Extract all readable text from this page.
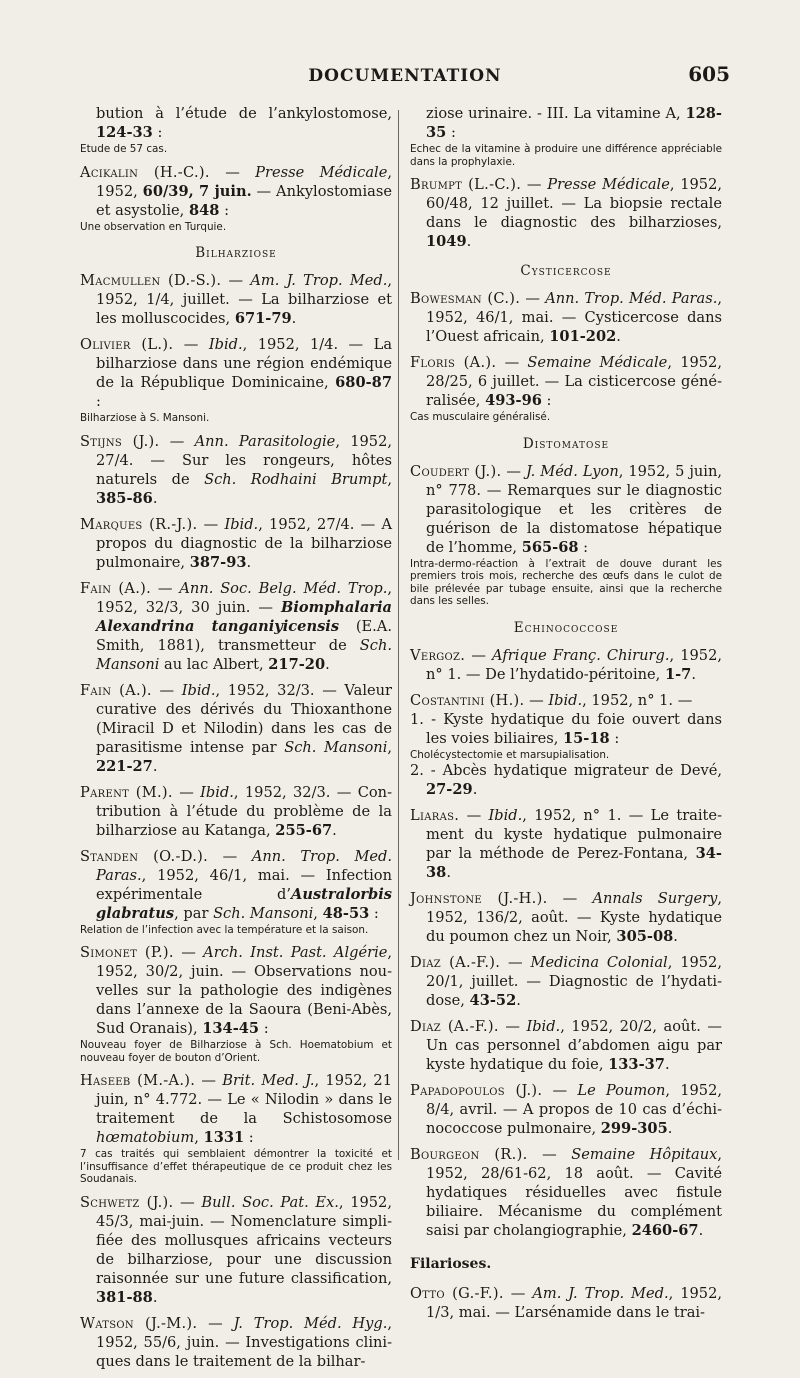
DOCUMENTATION	605
bution à l’étude de l’ankylostomose, 124-33 :
Etude de 57 cas.
Acikalin (H.-C.). — Presse Médicale, 1952, 60/39, 7 juin. — Ankylostomiase et asystolie, 848 :
Une observation en Turquie.
Bilharziose
Macmullen (D.-S.). — Am. J. Trop. Med., 1952, 1/4, juillet. — La bilharziose et les molluscocides, 671-79.
Olivier (L.). — Ibid., 1952, 1/4. — La bilharziose dans une région endémique de la République Dominicaine, 680-87 :
Bilharziose à S. Mansoni.
Stijns (J.). — Ann. Parasitologie, 1952, 27/4. — Sur les rongeurs, hôtes naturels de Sch. Rodhaini Brumpt, 385-86.
Marques (R.-J.). — Ibid., 1952, 27/4. — A propos du diagnostic de la bilharziose pulmonaire, 387-93.
Fain (A.). — Ann. Soc. Belg. Méd. Trop., 1952, 32/3, 30 juin. — Biomphalaria Alexandrina tanganiyicensis (E.A. Smith, 1881), transmetteur de Sch. Mansoni au lac Albert, 217-20.
Fain (A.). — Ibid., 1952, 32/3. — Valeur curative des dérivés du Thioxanthone (Miracil D et Nilodin) dans les cas de parasitisme intense par Sch. Mansoni, 221-27.
Parent (M.). — Ibid., 1952, 32/3. — Contribution à l’étude du problème de la bilharziose au Katanga, 255-67.
Standen (O.-D.). — Ann. Trop. Med. Paras., 1952, 46/1, mai. — Infection expérimentale d’Australorbis glabratus, par Sch. Mansoni, 48-53 :
Relation de l’infection avec la température et la saison.
Simonet (P.). — Arch. Inst. Past. Algérie, 1952, 30/2, juin. — Observations nouvelles sur la pathologie des indigènes dans l’annexe de la Saoura (Beni-Abès, Sud Oranais), 134-45 :
Nouveau foyer de Bilharziose à Sch. Hoematobium et nouveau foyer de bouton d’Orient.
Haseeb (M.-A.). — Brit. Med. J., 1952, 21 juin, n° 4.772. — Le « Nilodin » dans le traitement de la Schistosomose hœmatobium, 1331 :
7 cas traités qui semblaient démontrer la toxicité et l’insuffisance d’effet thérapeutique de ce produit chez les Soudanais.
Schwetz (J.). — Bull. Soc. Pat. Ex., 1952, 45/3, mai-juin. — Nomenclature simplifiée des mollusques africains vecteurs de bilharziose, pour une discussion raisonnée sur une future classification, 381-88.
Watson (J.-M.). — J. Trop. Méd. Hyg., 1952, 55/6, juin. — Investigations cliniques dans le traitement de la bilhar-
ziose urinaire. - III. La vitamine A, 128-35 :
Echec de la vitamine à produire une différence appréciable dans la prophylaxie.
Brumpt (L.-C.). — Presse Médicale, 1952, 60/48, 12 juillet. — La biopsie rectale dans le diagnostic des bilharzioses, 1049.
Cysticercose
Bowesman (C.). — Ann. Trop. Méd. Paras., 1952, 46/1, mai. — Cysticercose dans l’Ouest africain, 101-202.
Floris (A.). — Semaine Médicale, 1952, 28/25, 6 juillet. — La cisticercose généralisée, 493-96 :
Cas musculaire généralisé.
Distomatose
Coudert (J.). — J. Méd. Lyon, 1952, 5 juin, n° 778. — Remarques sur le diagnostic parasitologique et les critères de guérison de la distomatose hépatique de l’homme, 565-68 :
Intra-dermo-réaction à l’extrait de douve durant les premiers trois mois, recherche des œufs dans le culot de bile prélevée par tubage ensuite, ainsi que la recherche dans les selles.
Echinococcose
Vergoz. — Afrique Franç. Chirurg., 1952, n° 1. — De l’hydatido-péritoine, 1-7.
Costantini (H.). — Ibid., 1952, n° 1. —
1. - Kyste hydatique du foie ouvert dans les voies biliaires, 15-18 :
Cholécystectomie et marsupialisation.
2. - Abcès hydatique migrateur de Devé, 27-29.
Liaras. — Ibid., 1952, n° 1. — Le traitement du kyste hydatique pulmonaire par la méthode de Perez-Fontana, 34-38.
Johnstone (J.-H.). — Annals Surgery, 1952, 136/2, août. — Kyste hydatique du poumon chez un Noir, 305-08.
Diaz (A.-F.). — Medicina Colonial, 1952, 20/1, juillet. — Diagnostic de l’hydatidose, 43-52.
Diaz (A.-F.). — Ibid., 1952, 20/2, août. — Un cas personnel d’abdomen aigu par kyste hydatique du foie, 133-37.
Papadopoulos (J.). — Le Poumon, 1952, 8/4, avril. — A propos de 10 cas d’échinococcose pulmonaire, 299-305.
Bourgeon (R.). — Semaine Hôpitaux, 1952, 28/61-62, 18 août. — Cavité hydatiques résiduelles avec fistule biliaire. Mécanisme du complément saisi par cholangiographie, 2460-67.
Filarioses.
Otto (G.-F.). — Am. J. Trop. Med., 1952, 1/3, mai. — L’arsénamide dans le trai-
